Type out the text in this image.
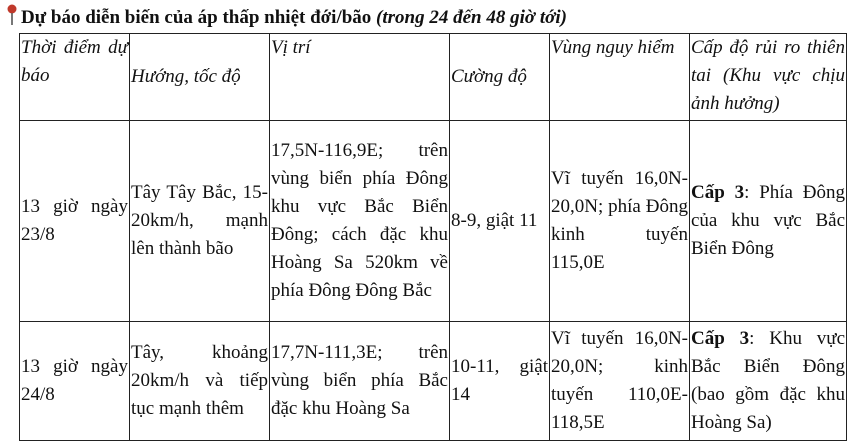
Dự báo diễn biến của áp thấp nhiệt đới/bão (trong 24 đến 48 giờ tới)
Thời điểm dự báo	Hướng, tốc độ	Vị trí	Cường độ	Vùng nguy hiểm	Cấp độ rủi ro thiên tai (Khu vực chịu ảnh hưởng)
13 giờ ngày 23/8	Tây Tây Bắc, 15-20km/h, mạnh lên thành bão	17,5N-116,9E; trên vùng biển phía Đông khu vực Bắc Biển Đông; cách đặc khu Hoàng Sa 520km về phía Đông Đông Bắc	8-9, giật 11	Vĩ tuyến 16,0N-20,0N; phía Đông kinh tuyến 115,0E	Cấp 3: Phía Đông của khu vực Bắc Biển Đông
13 giờ ngày 24/8	Tây, khoảng 20km/h và tiếp tục mạnh thêm	17,7N-111,3E; trên vùng biển phía Bắc đặc khu Hoàng Sa	10-11, giật 14	Vĩ tuyến 16,0N-20,0N; kinh tuyến 110,0E-118,5E	Cấp 3: Khu vực Bắc Biển Đông (bao gồm đặc khu Hoàng Sa)
